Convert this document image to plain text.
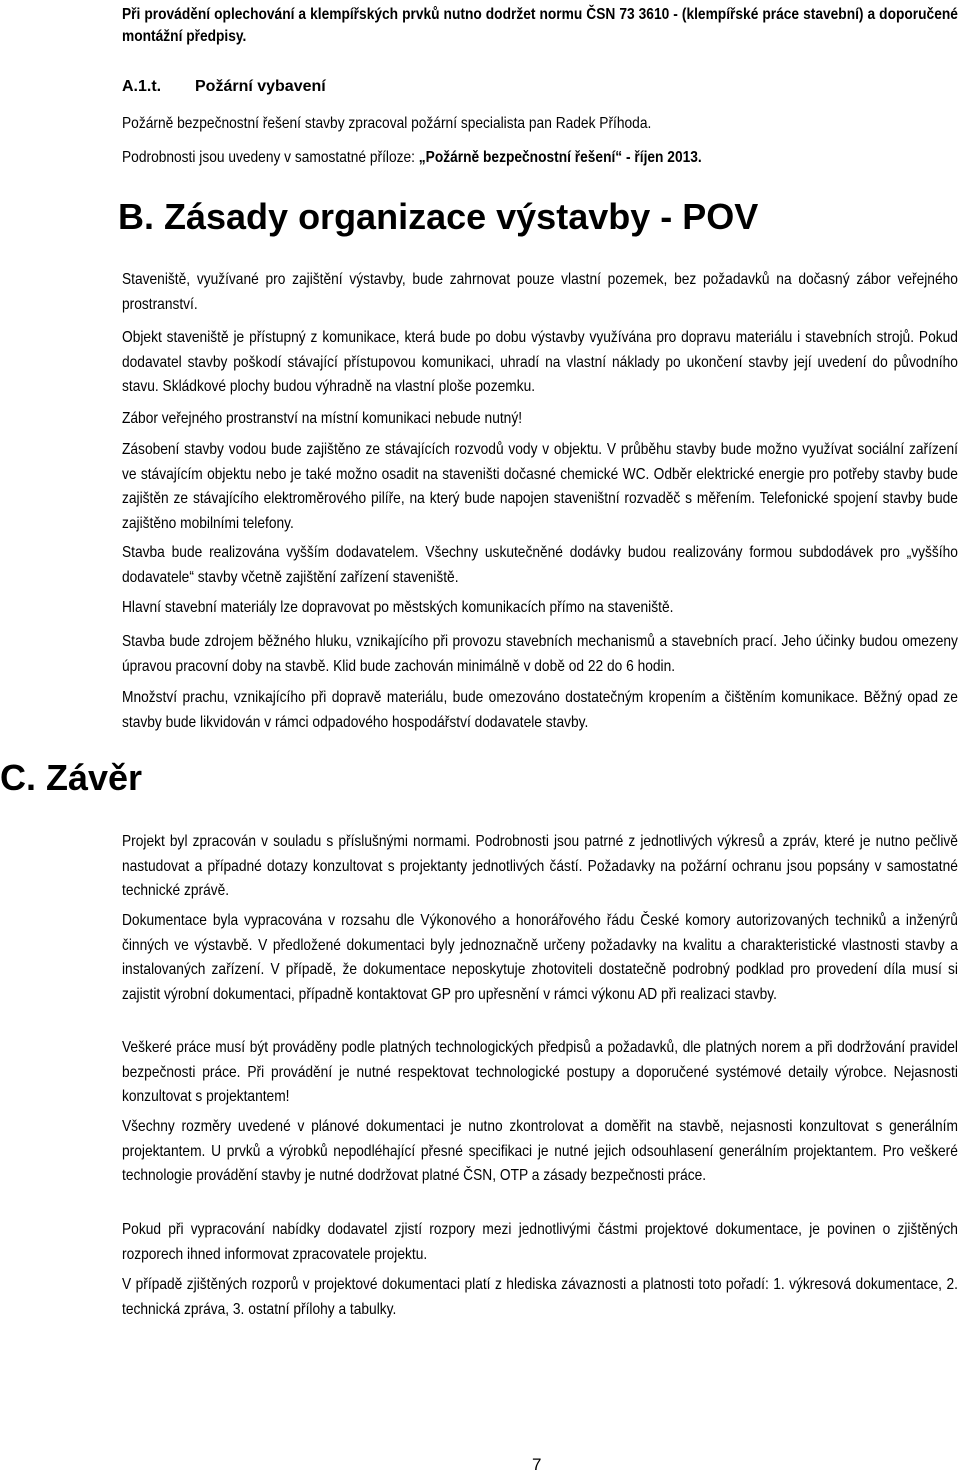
Při provádění oplechování a klempířských prvků nutno dodržet normu ČSN 73 3610 - (klempířské práce stavební) a doporučené montážní předpisy.
A.1.t. Požární vybavení
Požárně bezpečnostní řešení stavby zpracoval požární specialista pan Radek Příhoda.
Podrobnosti jsou uvedeny v samostatné příloze: „Požárně bezpečnostní řešení“ - říjen 2013.
B. Zásady organizace výstavby - POV
Staveniště, využívané pro zajištění výstavby, bude zahrnovat pouze vlastní pozemek, bez požadavků na dočasný zábor veřejného prostranství.
Objekt staveniště je přístupný z komunikace, která bude po dobu výstavby využívána pro dopravu materiálu i stavebních strojů. Pokud dodavatel stavby poškodí stávající přístupovou komunikaci, uhradí na vlastní náklady po ukončení stavby její uvedení do původního stavu. Skládkové plochy budou výhradně na vlastní ploše pozemku.
Zábor veřejného prostranství na místní komunikaci nebude nutný!
Zásobení stavby vodou bude zajištěno ze stávajících rozvodů vody v objektu. V průběhu stavby bude možno využívat sociální zařízení ve stávajícím objektu nebo je také možno osadit na staveništi dočasné chemické WC. Odběr elektrické energie pro potřeby stavby bude zajištěn ze stávajícího elektroměrového pilíře, na který bude napojen staveništní rozvaděč s měřením. Telefonické spojení stavby bude zajištěno mobilními telefony.
Stavba bude realizována vyšším dodavatelem. Všechny uskutečněné dodávky budou realizovány formou subdodávek pro „vyššího dodavatele“ stavby včetně zajištění zařízení staveniště.
Hlavní stavební materiály lze dopravovat po městských komunikacích přímo na staveniště.
Stavba bude zdrojem běžného hluku, vznikajícího při provozu stavebních mechanismů a stavebních prací. Jeho účinky budou omezeny úpravou pracovní doby na stavbě. Klid bude zachován minimálně v době od 22 do 6 hodin.
Množství prachu, vznikajícího při dopravě materiálu, bude omezováno dostatečným kropením a čištěním komunikace. Běžný opad ze stavby bude likvidován v rámci odpadového hospodářství dodavatele stavby.
C. Závěr
Projekt byl zpracován v souladu s příslušnými normami. Podrobnosti jsou patrné z jednotlivých výkresů a zpráv, které je nutno pečlivě nastudovat a případné dotazy konzultovat s projektanty jednotlivých částí. Požadavky na požární ochranu jsou popsány v samostatné technické zprávě.
Dokumentace byla vypracována v rozsahu dle Výkonového a honorářového řádu České komory autorizovaných techniků a inženýrů činných ve výstavbě. V předložené dokumentaci byly jednoznačně určeny požadavky na kvalitu a charakteristické vlastnosti stavby a instalovaných zařízení. V případě, že dokumentace neposkytuje zhotoviteli dostatečně podrobný podklad pro provedení díla musí si zajistit výrobní dokumentaci, případně kontaktovat GP pro upřesnění v rámci výkonu AD při realizaci stavby.
Veškeré práce musí být prováděny podle platných technologických předpisů a požadavků, dle platných norem a při dodržování pravidel bezpečnosti práce. Při provádění je nutné respektovat technologické postupy a doporučené systémové detaily výrobce. Nejasnosti konzultovat s projektantem!
Všechny rozměry uvedené v plánové dokumentaci je nutno zkontrolovat a doměřit na stavbě, nejasnosti konzultovat s generálním projektantem. U prvků a výrobků nepodléhající přesné specifikaci je nutné jejich odsouhlasení generálním projektantem. Pro veškeré technologie provádění stavby je nutné dodržovat platné ČSN, OTP a zásady bezpečnosti práce.
Pokud při vypracování nabídky dodavatel zjistí rozpory mezi jednotlivými částmi projektové dokumentace, je povinen o zjištěných rozporech ihned informovat zpracovatele projektu.
V případě zjištěných rozporů v projektové dokumentaci platí z hlediska závaznosti a platnosti toto pořadí: 1. výkresová dokumentace, 2. technická zpráva, 3. ostatní přílohy a tabulky.
7
